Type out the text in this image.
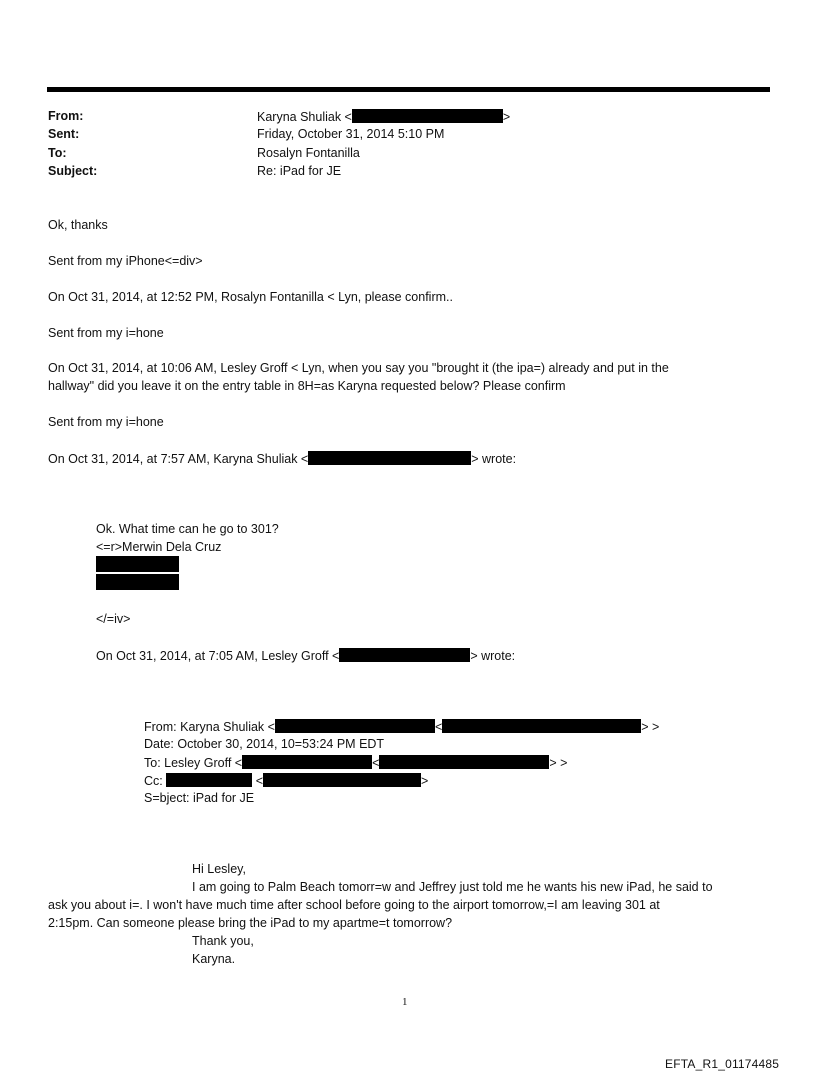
From:	Karyna Shuliak <	>
Sent:	Friday, October 31, 2014 5:10 PM
To:	Rosalyn Fontanilla
Subject:	Re: iPad for JE
Ok, thanks
Sent from my iPhone<=div>
On Oct 31, 2014, at 12:52 PM, Rosalyn Fontanilla < Lyn, please confirm..
Sent from my i=hone
On Oct 31, 2014, at 10:06 AM, Lesley Groff < Lyn, when you say you "brought it (the ipa=) already and put in the
hallway" did you leave it on the entry table in 8H=as Karyna requested below? Please confirm
Sent from my i=hone
On Oct 31, 2014, at 7:57 AM, Karyna Shuliak <	> wrote:
Ok. What time can he go to 301?
<=r>Merwin Dela Cruz
</=iv>
On Oct 31, 2014, at 7:05 AM, Lesley Groff <	> wrote:
From: Karyna Shuliak <	<	> >
Date: October 30, 2014, 10=53:24 PM EDT
To: Lesley Groff <	<	> >
Cc:	<	>
S=bject: iPad for JE
Hi Lesley,
I am going to Palm Beach tomorr=w and Jeffrey just told me he wants his new iPad, he said to
ask you about i=. I won't have much time after school before going to the airport tomorrow,=I am leaving 301 at
2:15pm. Can someone please bring the iPad to my apartme=t tomorrow?
Thank you,
Karyna.
1
EFTA_R1_01174485
